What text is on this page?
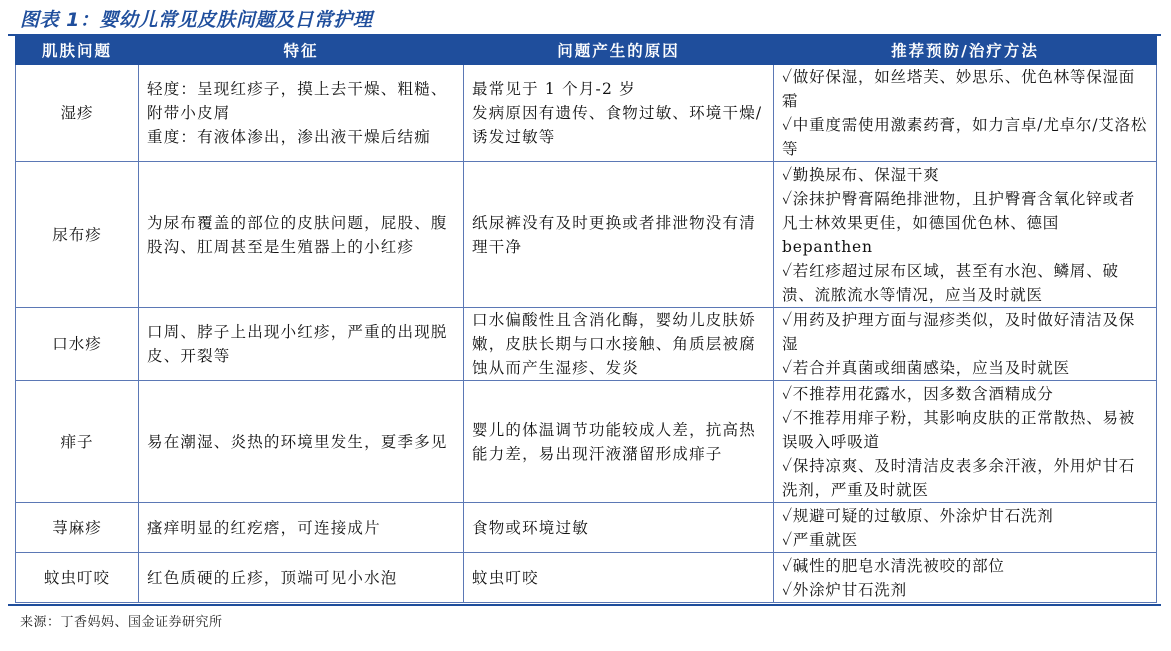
图表 1：婴幼儿常见皮肤问题及日常护理
肌肤问题	特征	问题产生的原因	推荐预防/治疗方法
湿疹	轻度：呈现红疹子，摸上去干燥、粗糙、附带小皮屑
重度：有液体渗出，渗出液干燥后结痂	最常见于 1 个月-2 岁
发病原因有遗传、食物过敏、环境干燥/诱发过敏等	✓做好保湿，如丝塔芙、妙思乐、优色林等保湿面霜
✓中重度需使用激素药膏，如力言卓/尤卓尔/艾洛松等

尿布疹	为尿布覆盖的部位的皮肤问题，屁股、腹股沟、肛周甚至是生殖器上的小红疹	纸尿裤没有及时更换或者排泄物没有清理干净	✓勤换尿布、保湿干爽
✓涂抹护臀膏隔绝排泄物，且护臀膏含氧化锌或者凡士林效果更佳，如德国优色林、德国 bepanthen
✓若红疹超过尿布区域，甚至有水泡、鳞屑、破溃、流脓流水等情况，应当及时就医

口水疹	口周、脖子上出现小红疹，严重的出现脱皮、开裂等	口水偏酸性且含消化酶，婴幼儿皮肤娇嫩，皮肤长期与口水接触、角质层被腐蚀从而产生湿疹、发炎	✓用药及护理方面与湿疹类似，及时做好清洁及保湿
✓若合并真菌或细菌感染，应当及时就医

痱子	易在潮湿、炎热的环境里发生，夏季多见	婴儿的体温调节功能较成人差，抗高热能力差，易出现汗液潴留形成痱子	✓不推荐用花露水，因多数含酒精成分
✓不推荐用痱子粉，其影响皮肤的正常散热、易被误吸入呼吸道
✓保持凉爽、及时清洁皮表多余汗液，外用炉甘石洗剂，严重及时就医

荨麻疹	瘙痒明显的红疙瘩，可连接成片	食物或环境过敏	✓规避可疑的过敏原、外涂炉甘石洗剂
✓严重就医

蚊虫叮咬	红色质硬的丘疹，顶端可见小水泡	蚊虫叮咬	✓碱性的肥皂水清洗被咬的部位
✓外涂炉甘石洗剂
来源：丁香妈妈、国金证券研究所
